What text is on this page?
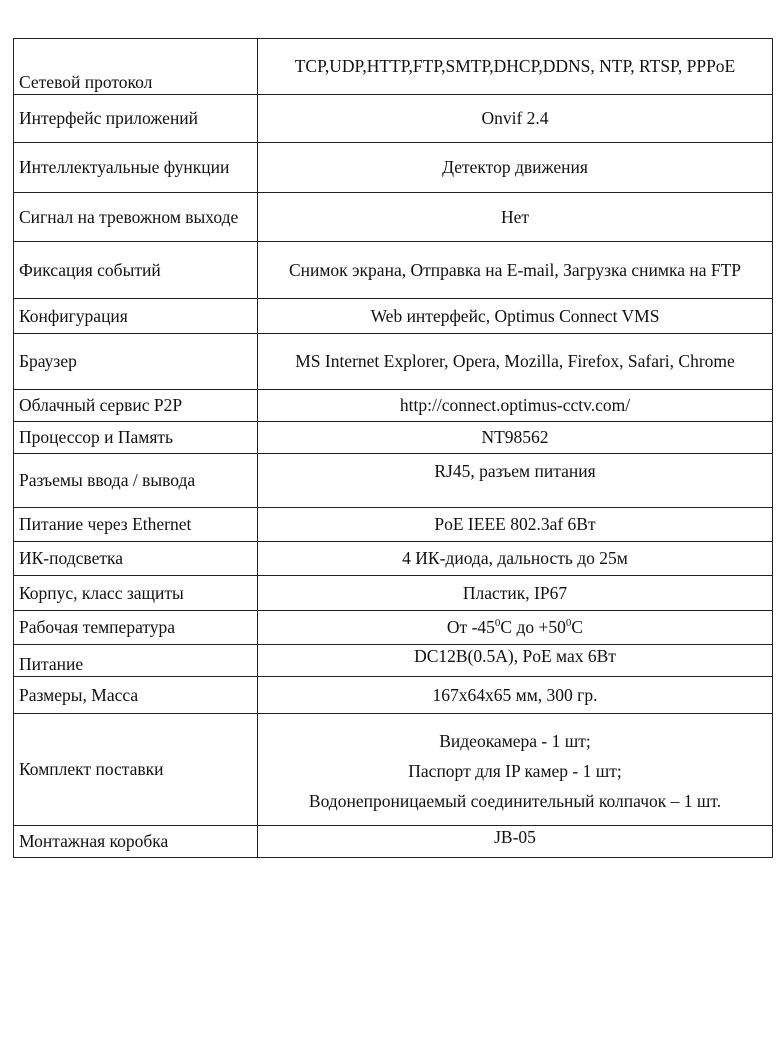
Сетевой протокол	TCP,UDP,HTTP,FTP,SMTP,DHCP,DDNS, NTP, RTSP, PPPoE
Интерфейс приложений	Onvif 2.4
Интеллектуальные функции	Детектор движения
Сигнал на тревожном выходе	Нет
Фиксация событий	Снимок экрана, Отправка на E-mail, Загрузка снимка на FTP
Конфигурация	Web интерфейс, Optimus Connect VMS
Браузер	MS Internet Explorer, Opera, Mozilla, Firefox, Safari, Chrome
Облачный сервис P2P	http://connect.optimus-cctv.com/
Процессор и Память	NT98562
Разъемы ввода / вывода	RJ45, разъем питания
Питание через Ethernet	PoE IEEE 802.3af 6Вт
ИК-подсветка	4 ИК-диода, дальность до 25м
Корпус, класс защиты	Пластик, IP67
Рабочая температура	От $-45^0С$ до $+50^0С$
Питание	DC12В(0.5А), PoE мах 6Вт
Размеры, Масса	167х64х65 мм, 300 гр.
Комплект поставки	Видеокамера - 1 шт;
Паспорт для IP камер - 1 шт;
Водонепроницаемый соединительный колпачок – 1 шт.

Монтажная коробка	JB-05
